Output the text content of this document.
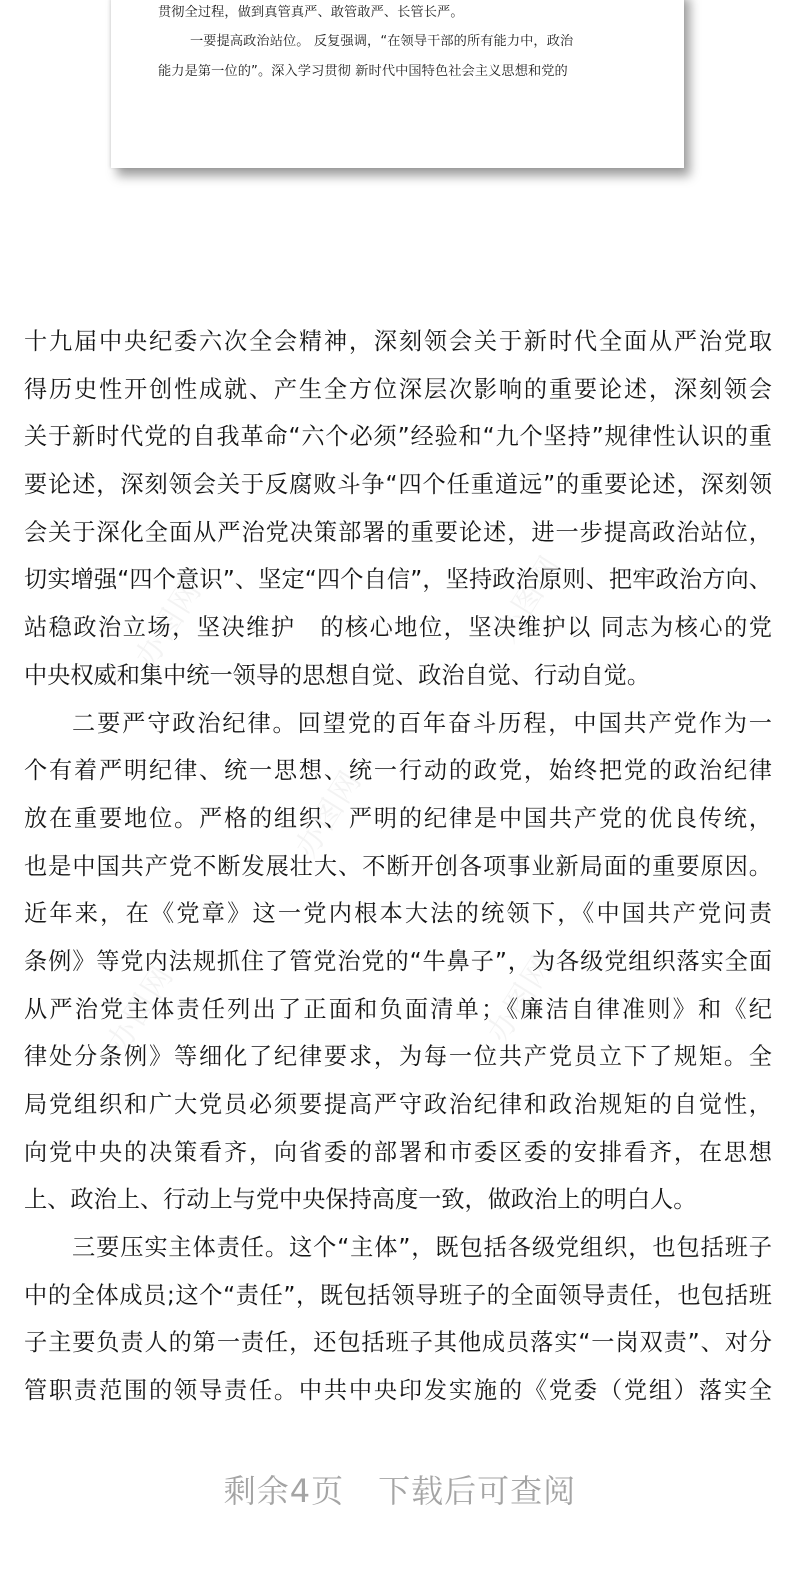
贯彻全过程，做到真管真严、敢管敢严、长管长严。
一要提高政治站位。 反复强调，“在领导干部的所有能力中，政治
能力是第一位的”。深入学习贯彻 新时代中国特色社会主义思想和党的
办图网	办图网
办图网
办图网	办图网
十九届中央纪委六次全会精神，深刻领会关于新时代全面从严治党取
得历史性开创性成就、产生全方位深层次影响的重要论述，深刻领会
关于新时代党的自我革命“六个必须”经验和“九个坚持”规律性认识的重
要论述，深刻领会关于反腐败斗争“四个任重道远”的重要论述，深刻领
会关于深化全面从严治党决策部署的重要论述，进一步提高政治站位，
切实增强“四个意识”、坚定“四个自信”，坚持政治原则、把牢政治方向、
站稳政治立场，坚决维护　的核心地位，坚决维护以 同志为核心的党
中央权威和集中统一领导的思想自觉、政治自觉、行动自觉。
二要严守政治纪律。回望党的百年奋斗历程，中国共产党作为一
个有着严明纪律、统一思想、统一行动的政党，始终把党的政治纪律
放在重要地位。严格的组织、严明的纪律是中国共产党的优良传统，
也是中国共产党不断发展壮大、不断开创各项事业新局面的重要原因。
近年来，在《党章》这一党内根本大法的统领下，《中国共产党问责
条例》等党内法规抓住了管党治党的“牛鼻子”，为各级党组织落实全面
从严治党主体责任列出了正面和负面清单；《廉洁自律准则》和《纪
律处分条例》等细化了纪律要求，为每一位共产党员立下了规矩。全
局党组织和广大党员必须要提高严守政治纪律和政治规矩的自觉性，
向党中央的决策看齐，向省委的部署和市委区委的安排看齐，在思想
上、政治上、行动上与党中央保持高度一致，做政治上的明白人。
三要压实主体责任。这个“主体”，既包括各级党组织，也包括班子
中的全体成员;这个“责任”，既包括领导班子的全面领导责任，也包括班
子主要负责人的第一责任，还包括班子其他成员落实“一岗双责”、对分
管职责范围的领导责任。中共中央印发实施的《党委（党组）落实全
剩余4页 下载后可查阅
